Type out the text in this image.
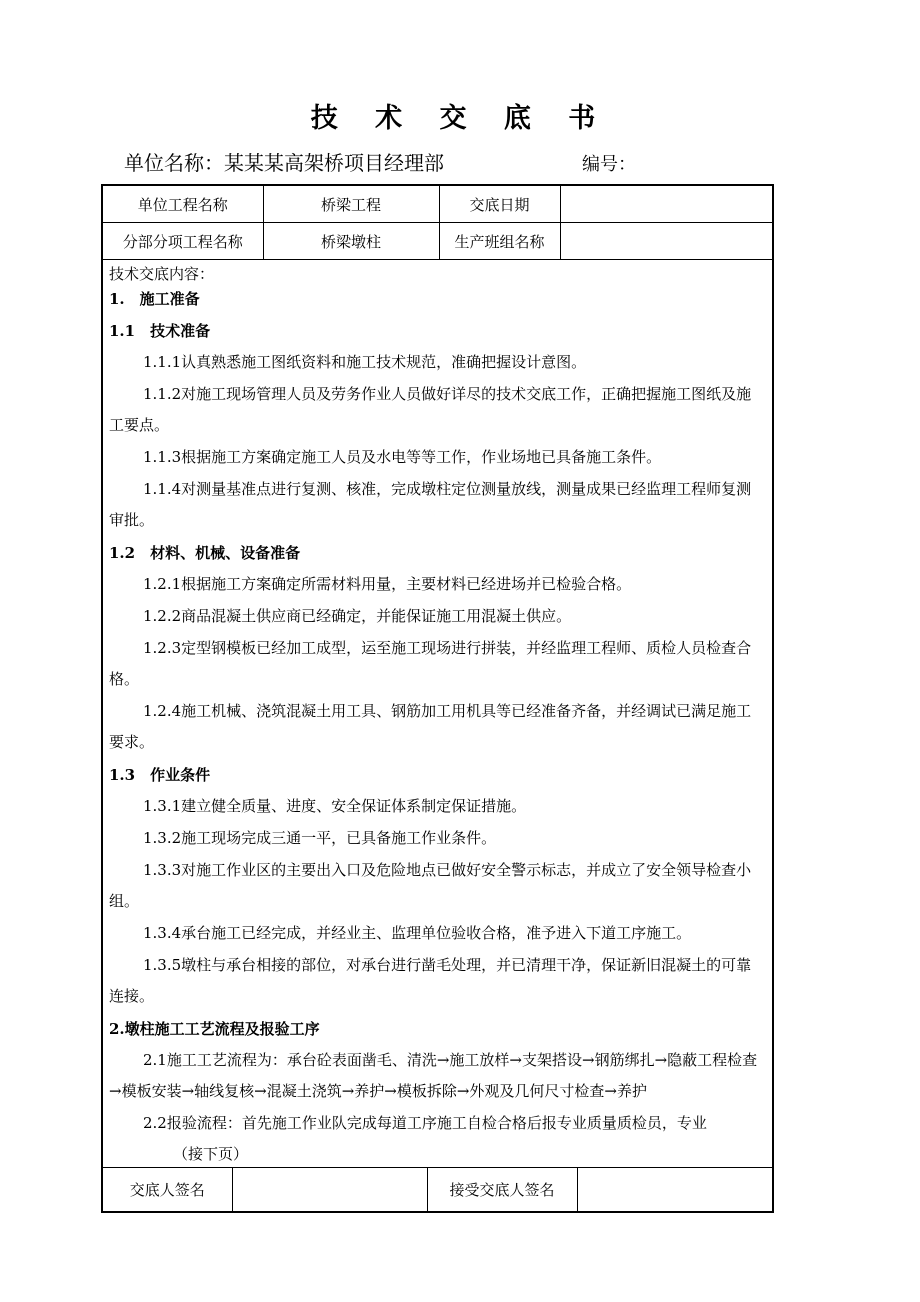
技 术 交 底 书
单位名称：某某某高架桥项目经理部	编号：
单位工程名称	桥梁工程	交底日期	
分部分项工程名称	桥梁墩柱	生产班组名称	
技术交底内容：
1.　施工准备
1.1　技术准备
1.1.1认真熟悉施工图纸资料和施工技术规范，准确把握设计意图。
1.1.2对施工现场管理人员及劳务作业人员做好详尽的技术交底工作，正确把握施工图纸及施工要点。
1.1.3根据施工方案确定施工人员及水电等等工作，作业场地已具备施工条件。
1.1.4对测量基准点进行复测、核准，完成墩柱定位测量放线，测量成果已经监理工程师复测审批。
1.2　材料、机械、设备准备
1.2.1根据施工方案确定所需材料用量，主要材料已经进场并已检验合格。
1.2.2商品混凝土供应商已经确定，并能保证施工用混凝土供应。
1.2.3定型钢模板已经加工成型，运至施工现场进行拼装，并经监理工程师、质检人员检查合格。
1.2.4施工机械、浇筑混凝土用工具、钢筋加工用机具等已经准备齐备，并经调试已满足施工要求。
1.3　作业条件
1.3.1建立健全质量、进度、安全保证体系制定保证措施。
1.3.2施工现场完成三通一平，已具备施工作业条件。
1.3.3对施工作业区的主要出入口及危险地点已做好安全警示标志，并成立了安全领导检查小组。
1.3.4承台施工已经完成，并经业主、监理单位验收合格，准予进入下道工序施工。
1.3.5墩柱与承台相接的部位，对承台进行凿毛处理，并已清理干净，保证新旧混凝土的可靠连接。
2.墩柱施工工艺流程及报验工序
2.1施工工艺流程为：承台砼表面凿毛、清洗→施工放样→支架搭设→钢筋绑扎→隐蔽工程检查→模板安装→轴线复核→混凝土浇筑→养护→模板拆除→外观及几何尺寸检查→养护
2.2报验流程：首先施工作业队完成每道工序施工自检合格后报专业质量质检员，专业
（接下页）
交底人签名		接受交底人签名	
